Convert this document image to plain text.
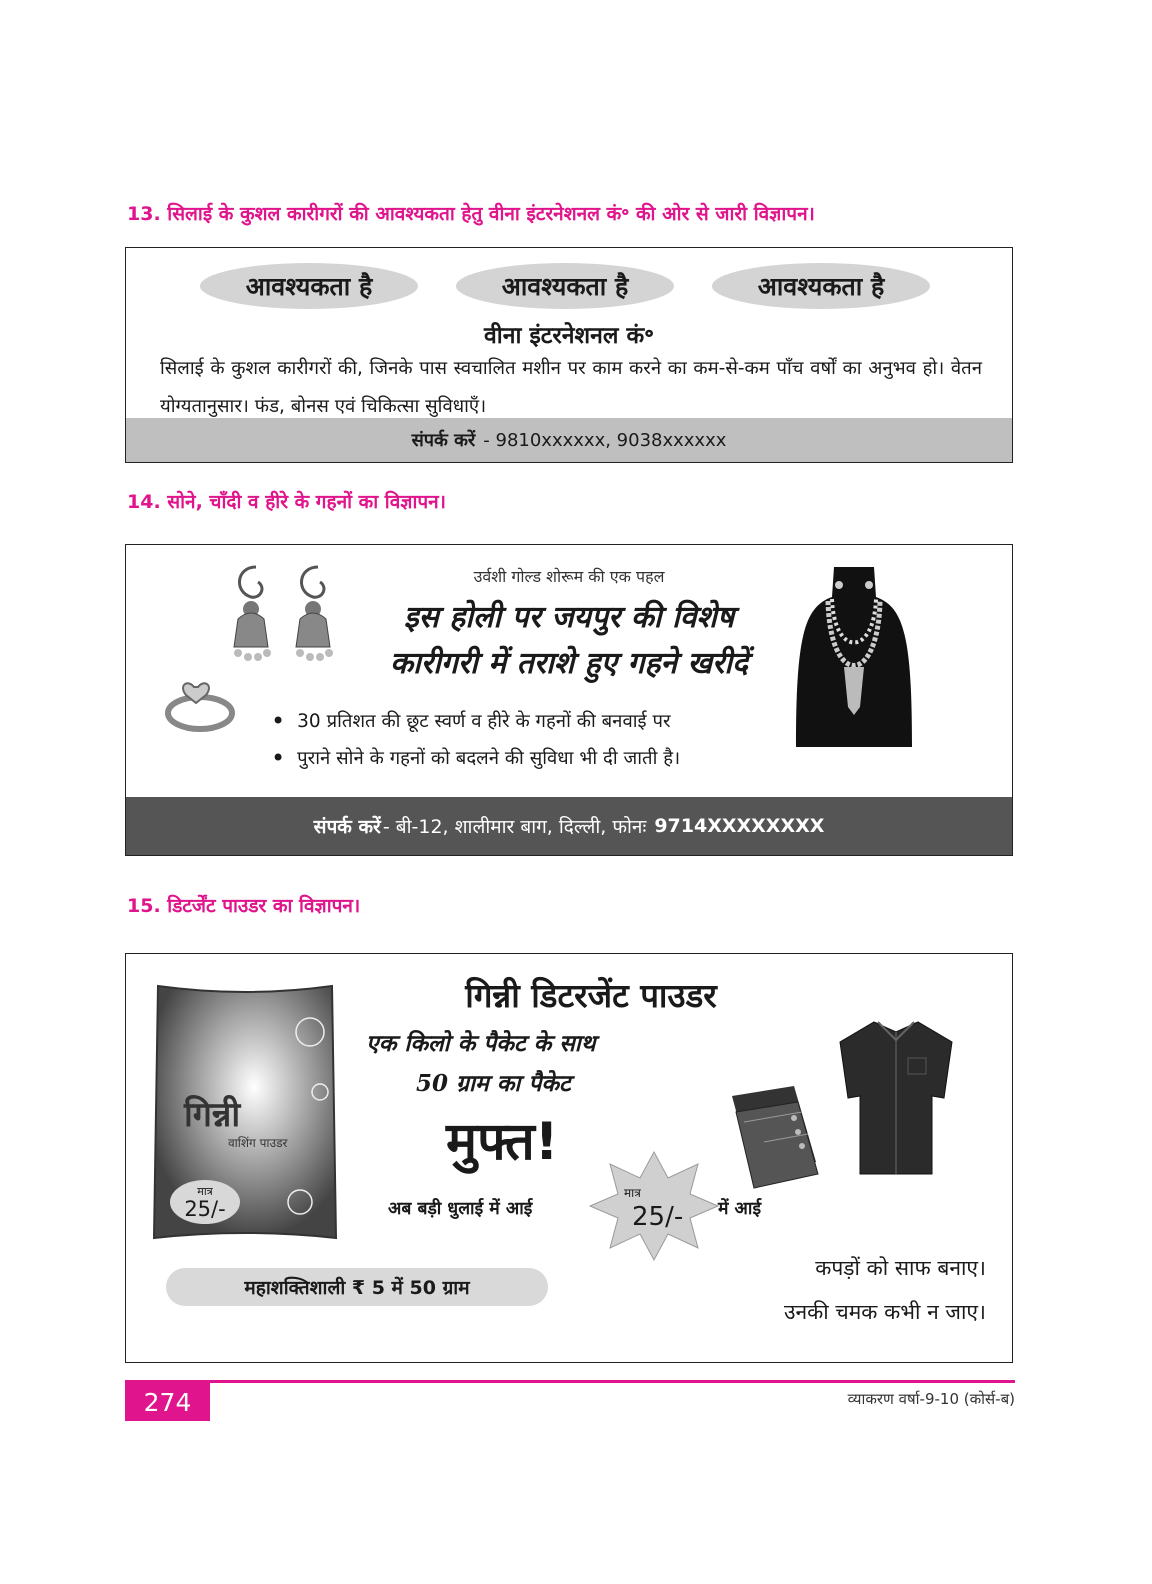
13. सिलाई के कुशल कारीगरों की आवश्यकता हेतु वीना इंटरनेशनल कं॰ की ओर से जारी विज्ञापन।
आवश्यकता है	आवश्यकता है	आवश्यकता है
वीना इंटरनेशनल कं॰
सिलाई के कुशल कारीगरों की, जिनके पास स्वचालित मशीन पर काम करने का कम-से-कम पाँच वर्षों का अनुभव हो। वेतन योग्यतानुसार। फंड, बोनस एवं चिकित्सा सुविधाएँ।
संपर्क करें - 9810xxxxxx, 9038xxxxxx
14. सोने, चाँदी व हीरे के गहनों का विज्ञापन।
उर्वशी गोल्ड शोरूम की एक पहल
इस होली पर जयपुर की विशेष
कारीगरी में तराशे हुए गहने खरीदें
• 30 प्रतिशत की छूट स्वर्ण व हीरे के गहनों की बनवाई पर
• पुराने सोने के गहनों को बदलने की सुविधा भी दी जाती है।
संपर्क करें - बी-12, शालीमार बाग, दिल्ली, फोनः 9714XXXXXXXX
15. डिटर्जेंट पाउडर का विज्ञापन।
गिन्नी
वाशिंग पाउडर
मात्र
25/-
गिन्नी डिटरजेंट पाउडर
एक किलो के पैकेट के साथ
50 ग्राम का पैकेट
मुफ्त!
अब बड़ी धुलाई में आई	में आई
मात्र
25/-
कपड़ों को साफ बनाए।
उनकी चमक कभी न जाए।
महाशक्तिशाली ₹ 5 में 50 ग्राम
274	व्याकरण वर्षा-9-10 (कोर्स-ब)
